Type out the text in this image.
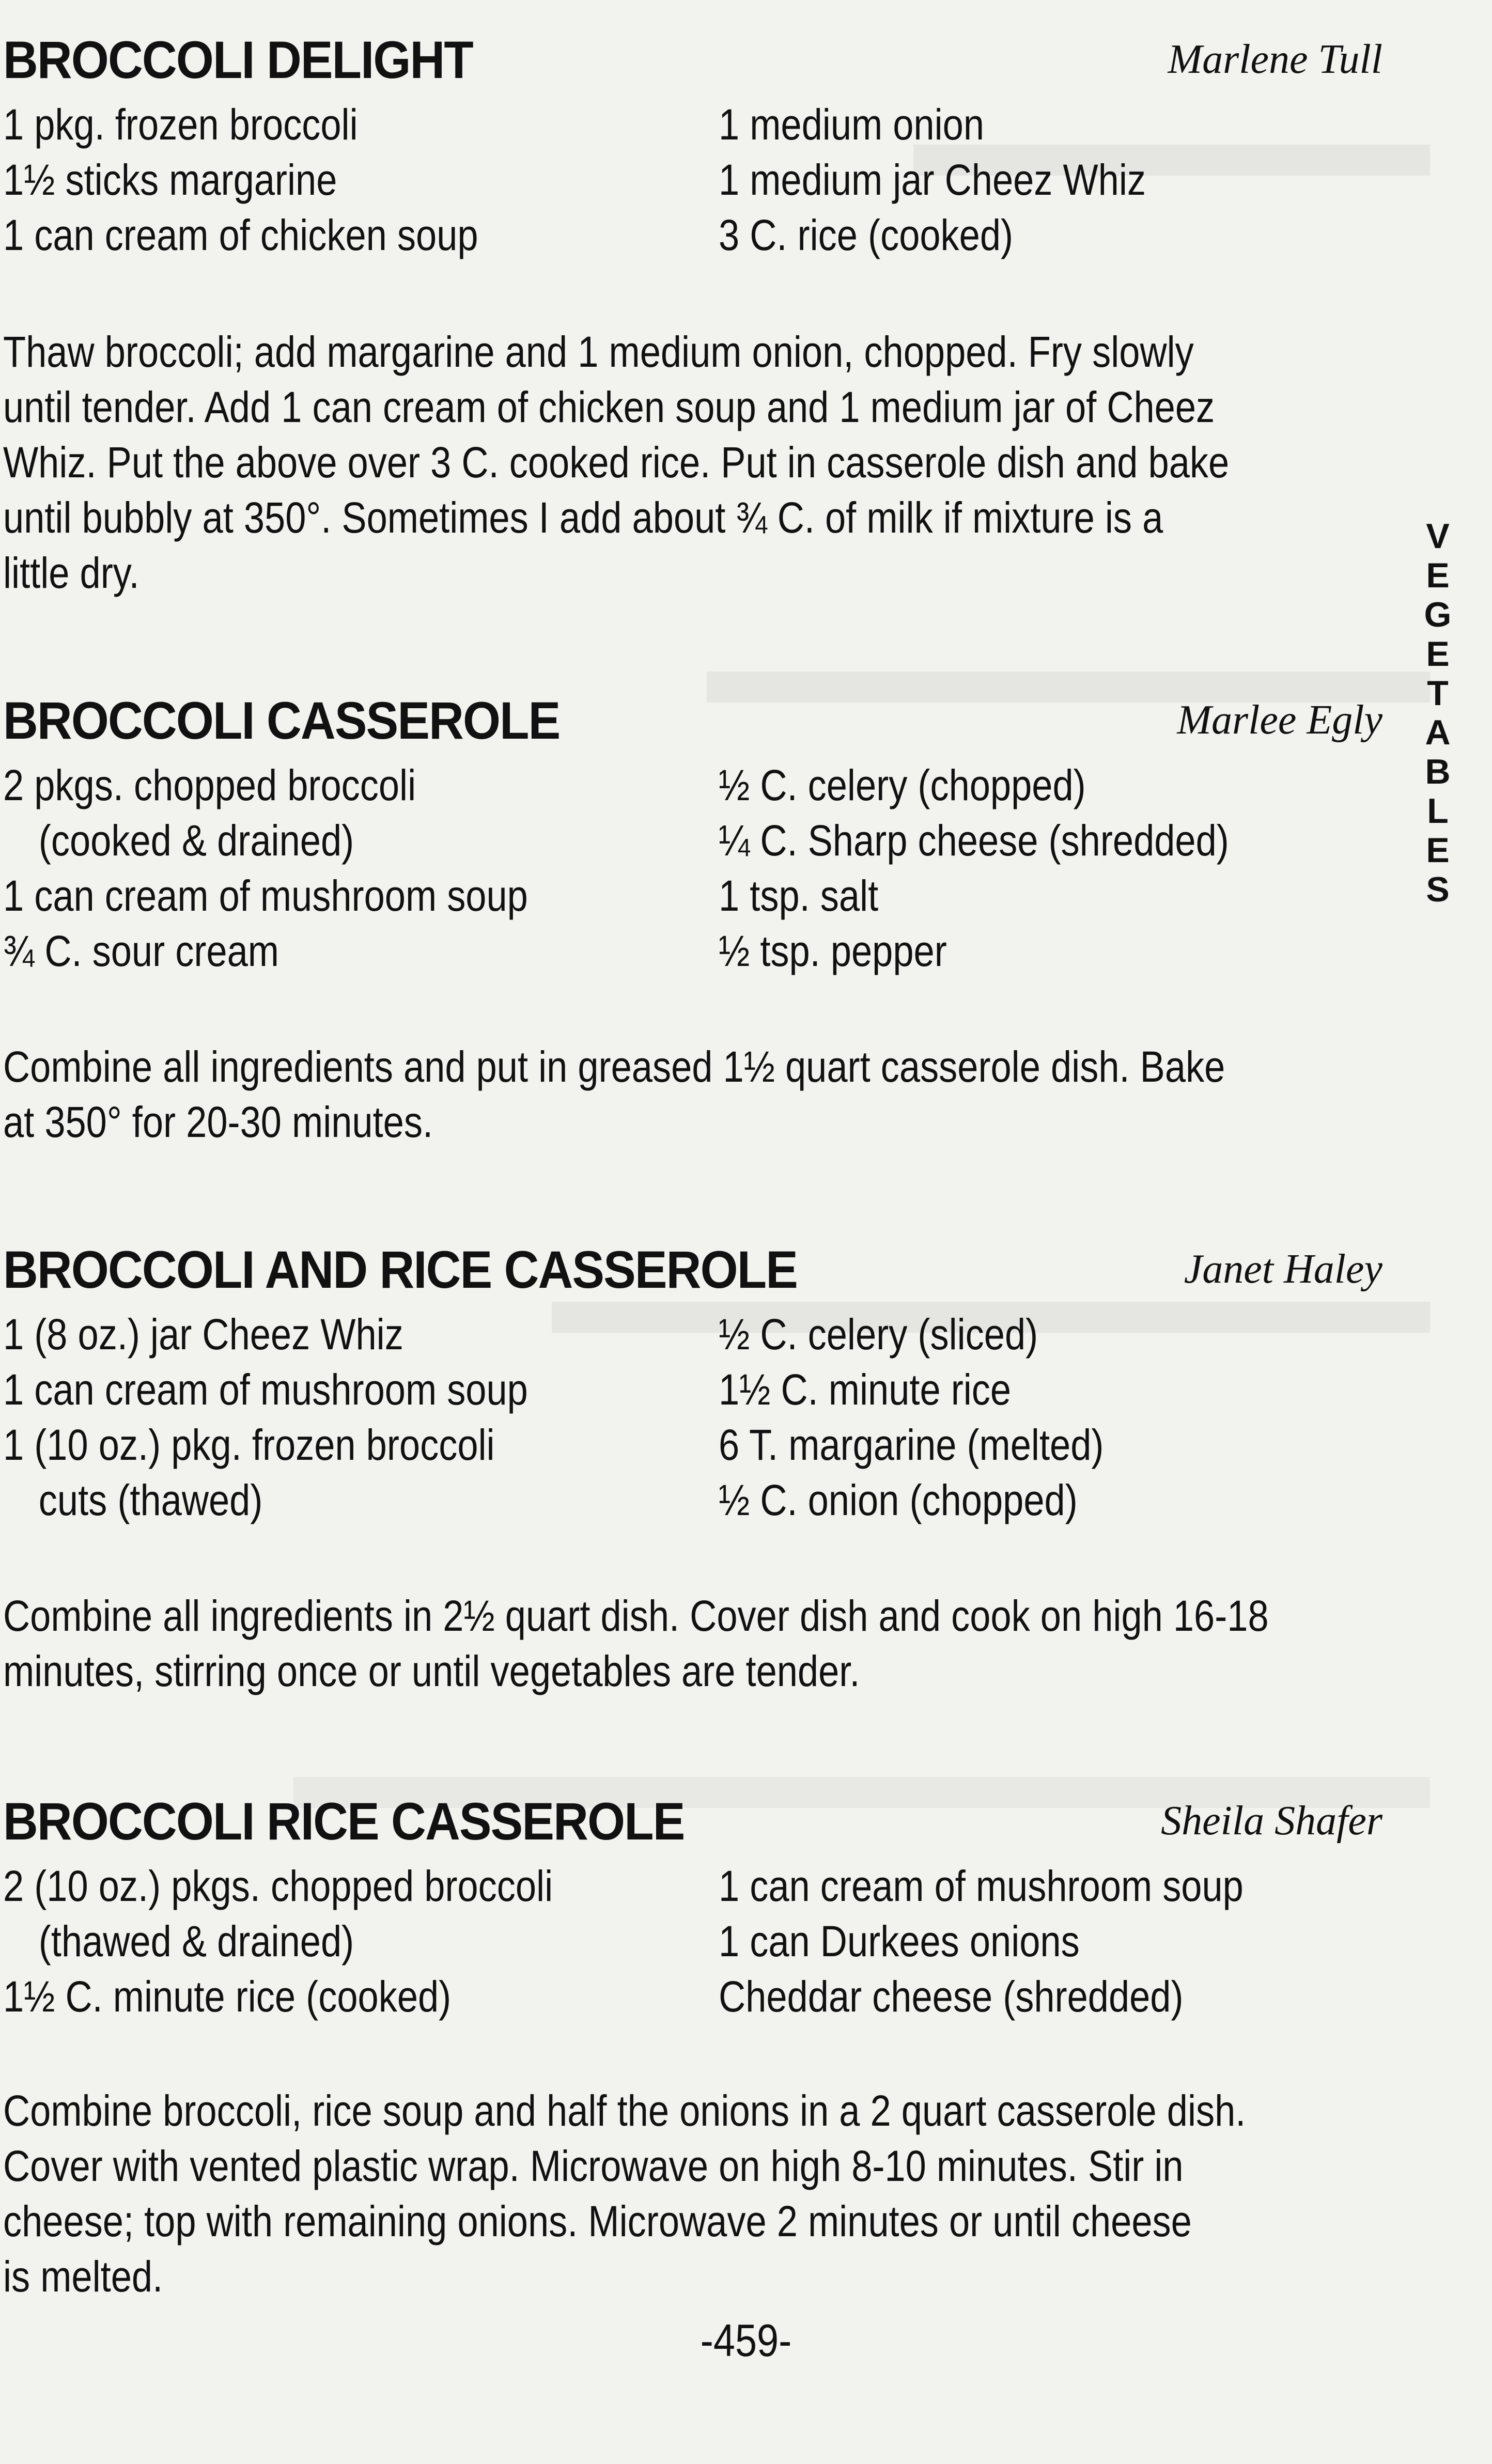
BROCCOLI DELIGHT	Marlene Tull
1 pkg. frozen broccoli
1½ sticks margarine
1 can cream of chicken soup
1 medium onion
1 medium jar Cheez Whiz
3 C. rice (cooked)
Thaw broccoli; add margarine and 1 medium onion, chopped. Fry slowly
until tender. Add 1 can cream of chicken soup and 1 medium jar of Cheez
Whiz. Put the above over 3 C. cooked rice. Put in casserole dish and bake
until bubbly at 350°. Sometimes I add about ¾ C. of milk if mixture is a
little dry.
BROCCOLI CASSEROLE	Marlee Egly
2 pkgs. chopped broccoli
(cooked & drained)
1 can cream of mushroom soup
¾ C. sour cream
½ C. celery (chopped)
¼ C. Sharp cheese (shredded)
1 tsp. salt
½ tsp. pepper
Combine all ingredients and put in greased 1½ quart casserole dish. Bake
at 350° for 20-30 minutes.
BROCCOLI AND RICE CASSEROLE	Janet Haley
1 (8 oz.) jar Cheez Whiz
1 can cream of mushroom soup
1 (10 oz.) pkg. frozen broccoli
cuts (thawed)
½ C. celery (sliced)
1½ C. minute rice
6 T. margarine (melted)
½ C. onion (chopped)
Combine all ingredients in 2½ quart dish. Cover dish and cook on high 16-18
minutes, stirring once or until vegetables are tender.
BROCCOLI RICE CASSEROLE	Sheila Shafer
2 (10 oz.) pkgs. chopped broccoli
(thawed & drained)
1½ C. minute rice (cooked)
1 can cream of mushroom soup
1 can Durkees onions
Cheddar cheese (shredded)
Combine broccoli, rice soup and half the onions in a 2 quart casserole dish.
Cover with vented plastic wrap. Microwave on high 8-10 minutes. Stir in
cheese; top with remaining onions. Microwave 2 minutes or until cheese
is melted.
V
E
G
E
T
A
B
L
E
S
-459-
